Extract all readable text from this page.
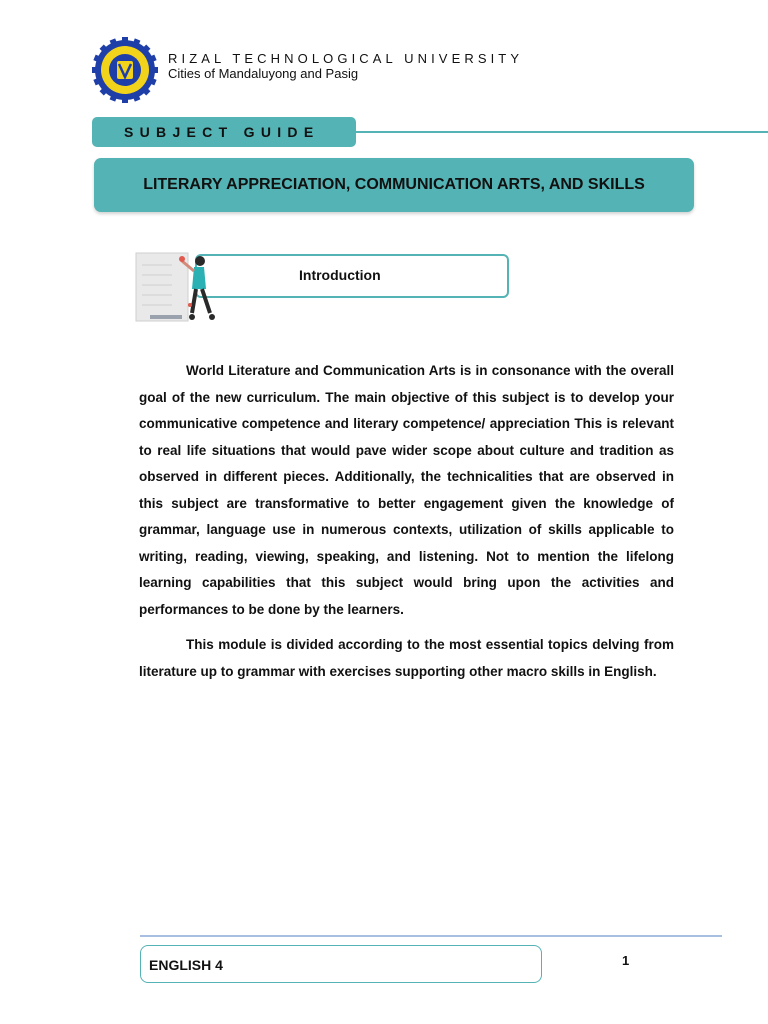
RIZAL TECHNOLOGICAL UNIVERSITY
Cities of Mandaluyong and Pasig
SUBJECT GUIDE
LITERARY APPRECIATION, COMMUNICATION ARTS, AND SKILLS
Introduction

World Literature and Communication Arts is in consonance with the overall goal of the new curriculum. The main objective of this subject is to develop your communicative competence and literary competence/ appreciation This is relevant to real life situations that would pave wider scope about culture and tradition as observed in different pieces. Additionally, the technicalities that are observed in this subject are transformative to better engagement given the knowledge of grammar, language use in numerous contexts, utilization of skills applicable to writing, reading, viewing, speaking, and listening. Not to mention the lifelong learning capabilities that this subject would bring upon the activities and performances to be done by the learners.

This module is divided according to the most essential topics delving from literature up to grammar with exercises supporting other macro skills in English.

ENGLISH 4	1
